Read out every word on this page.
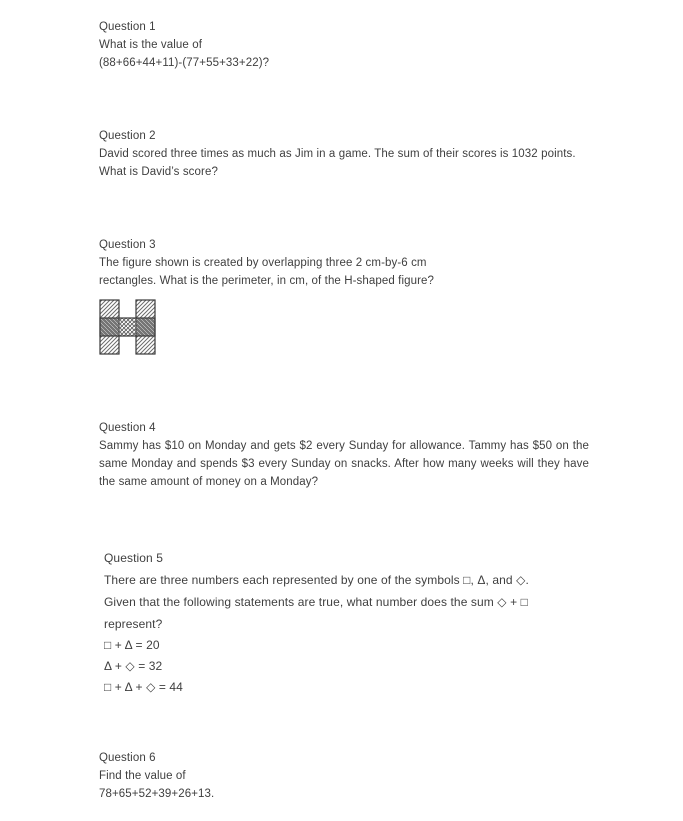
Question 1
What is the value of
(88+66+44+11)-(77+55+33+22)?
Question 2
David scored three times as much as Jim in a game. The sum of their scores is 1032 points.
What is David’s score?
Question 3
The figure shown is created by overlapping three 2 cm-by-6 cm
rectangles. What is the perimeter, in cm, of the H-shaped figure?
Question 4
Sammy has $10 on Monday and gets $2 every Sunday for allowance. Tammy has $50 on the same Monday and spends $3 every Sunday on snacks. After how many weeks will they have the same amount of money on a Monday?
Question 5
There are three numbers each represented by one of the symbols □, Δ, and ◇.
Given that the following statements are true, what number does the sum ◇ + □
represent?
□ + Δ = 20
Δ + ◇ = 32
□ + Δ + ◇ = 44
Question 6
Find the value of
78+65+52+39+26+13.
